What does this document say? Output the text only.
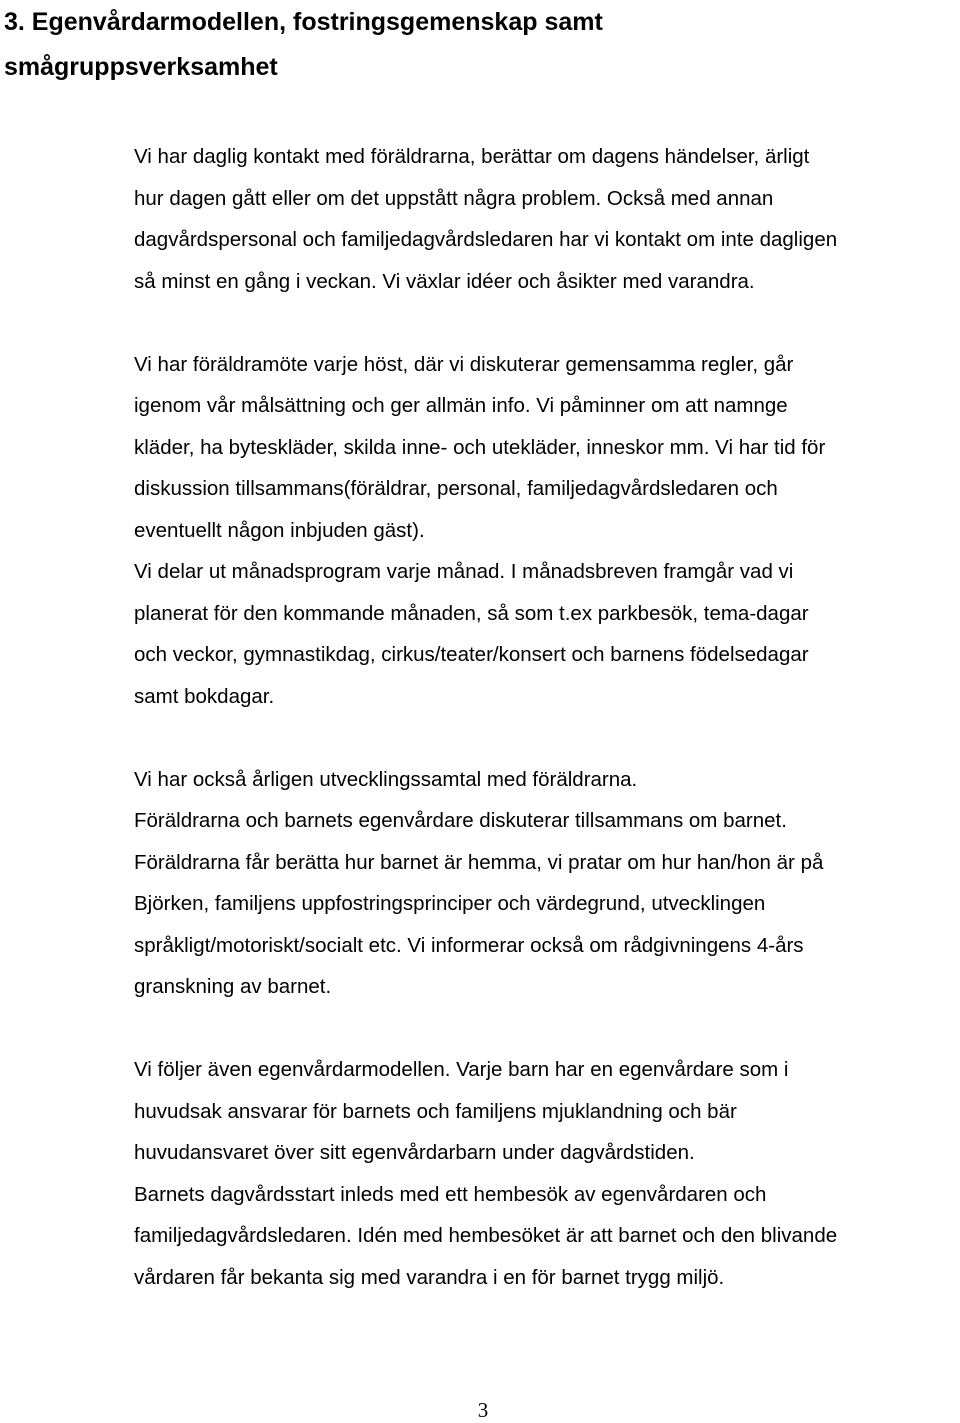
3. Egenvårdarmodellen, fostringsgemenskap samt
smågruppsverksamhet
Vi har daglig kontakt med föräldrarna, berättar om dagens händelser, ärligt
hur dagen gått eller om det uppstått några problem. Också med annan
dagvårdspersonal och familjedagvårdsledaren har vi kontakt om inte dagligen
så minst en gång i veckan. Vi växlar idéer och åsikter med varandra.
Vi har föräldramöte varje höst, där vi diskuterar gemensamma regler, går
igenom vår målsättning och ger allmän info. Vi påminner om att namnge
kläder, ha byteskläder, skilda inne- och utekläder, inneskor mm. Vi har tid för
diskussion tillsammans(föräldrar, personal, familjedagvårdsledaren och
eventuellt någon inbjuden gäst).
Vi delar ut månadsprogram varje månad. I månadsbreven framgår vad vi
planerat för den kommande månaden, så som t.ex parkbesök, tema-dagar
och veckor, gymnastikdag, cirkus/teater/konsert och barnens födelsedagar
samt bokdagar.
Vi har också årligen utvecklingssamtal med föräldrarna.
Föräldrarna och barnets egenvårdare diskuterar tillsammans om barnet.
Föräldrarna får berätta hur barnet är hemma, vi pratar om hur han/hon är på
Björken, familjens uppfostringsprinciper och värdegrund, utvecklingen
språkligt/motoriskt/socialt etc. Vi informerar också om rådgivningens 4-års
granskning av barnet.
Vi följer även egenvårdarmodellen. Varje barn har en egenvårdare som i
huvudsak ansvarar för barnets och familjens mjuklandning och bär
huvudansvaret över sitt egenvårdarbarn under dagvårdstiden.
Barnets dagvårdsstart inleds med ett hembesök av egenvårdaren och
familjedagvårdsledaren. Idén med hembesöket är att barnet och den blivande
vårdaren får bekanta sig med varandra i en för barnet trygg miljö.
3
